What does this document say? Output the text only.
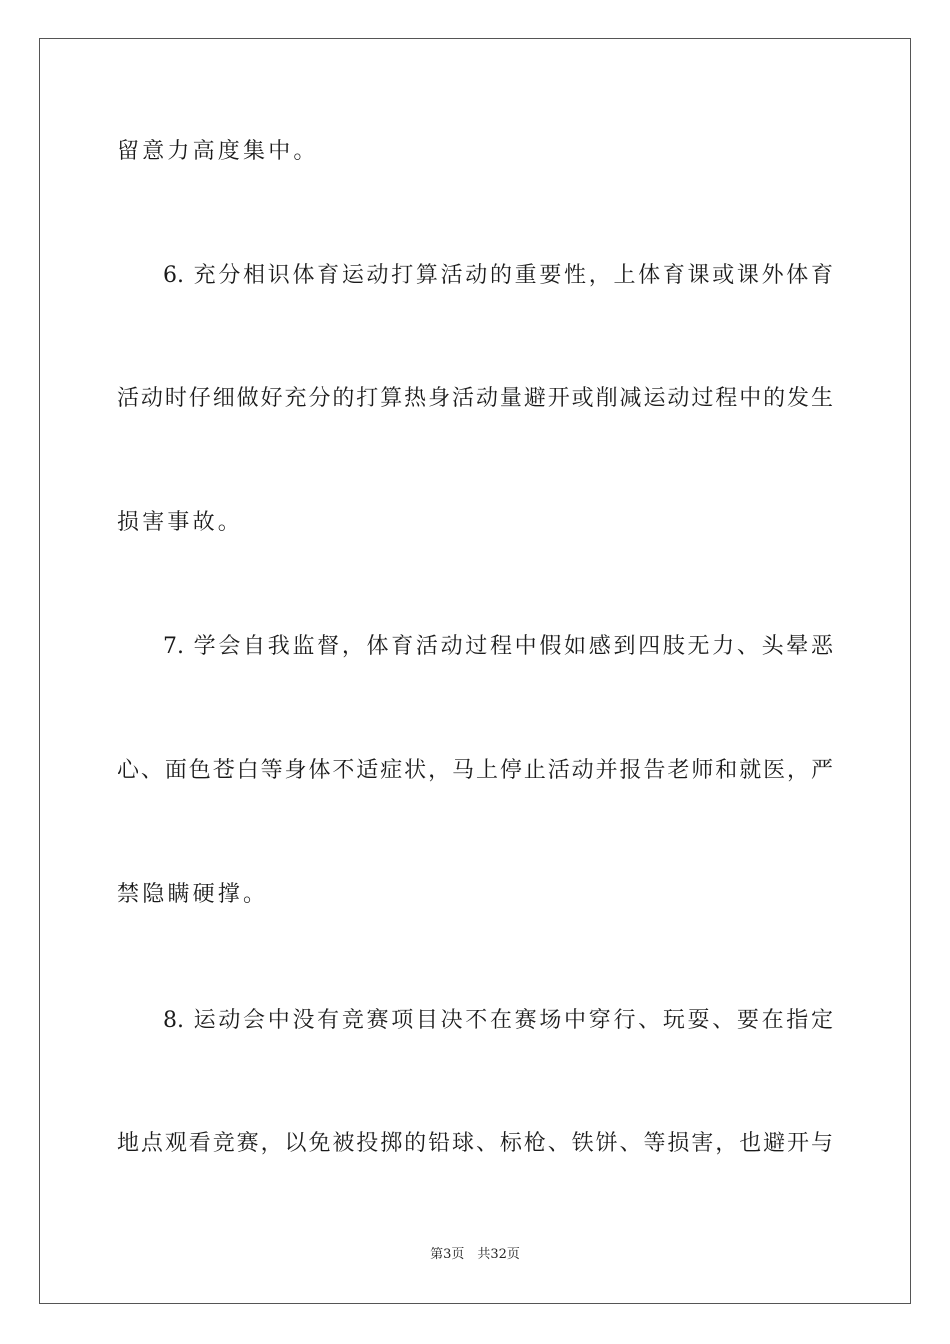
留意力高度集中。
6. 充分相识体育运动打算活动的重要性，上体育课或课外体育
活动时仔细做好充分的打算热身活动量避开或削减运动过程中的发生
损害事故。
7. 学会自我监督，体育活动过程中假如感到四肢无力、头晕恶
心、面色苍白等身体不适症状，马上停止活动并报告老师和就医，严
禁隐瞒硬撑。
8. 运动会中没有竞赛项目决不在赛场中穿行、玩耍、要在指定
地点观看竞赛，以免被投掷的铅球、标枪、铁饼、等损害，也避开与
第3页　共32页
